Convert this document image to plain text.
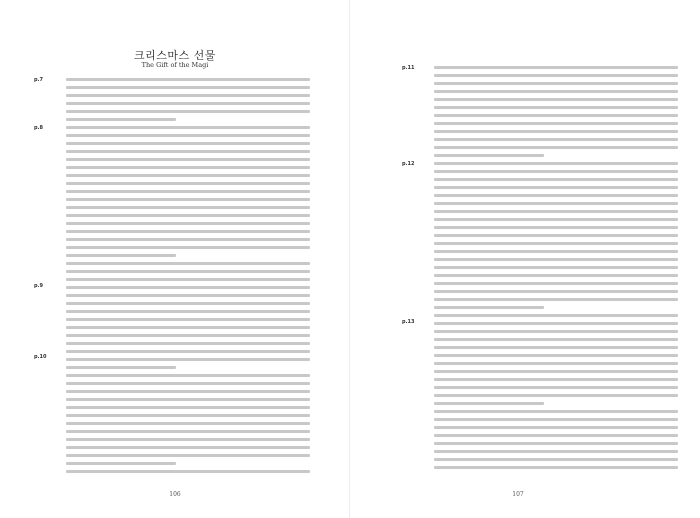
크리스마스 선물
The Gift of the Magi
p.7
p.8
p.9
p.10
106
p.11
p.12
p.13
107
